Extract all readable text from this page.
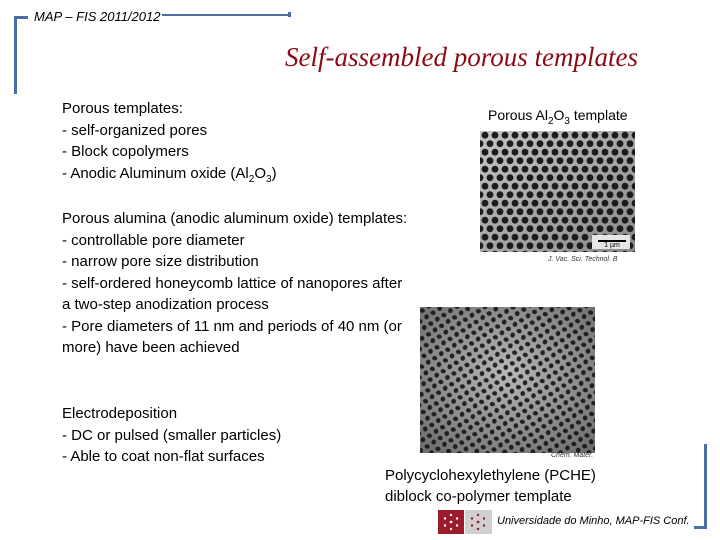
MAP – FIS 2011/2012
Self-assembled porous templates
Porous templates:
- self-organized pores
- Block copolymers
- Anodic Aluminum oxide $(Al_2O_3)$
Porous alumina (anodic aluminum oxide) templates:
- controllable pore diameter
- narrow pore size distribution
- self-ordered honeycomb lattice of nanopores after a two-step anodization process
- Pore diameters of 11 nm and periods of 40 nm (or more) have been achieved
Electrodeposition
- DC or pulsed (smaller particles)
- Able to coat non-flat surfaces
Porous $Al_2O_3$ template
1 µm
J. Vac. Sci. Technol. B
Chem. Mater.
Polycyclohexylethylene (PCHE)
diblock co-polymer template
Universidade do Minho, MAP-FIS Conf.
